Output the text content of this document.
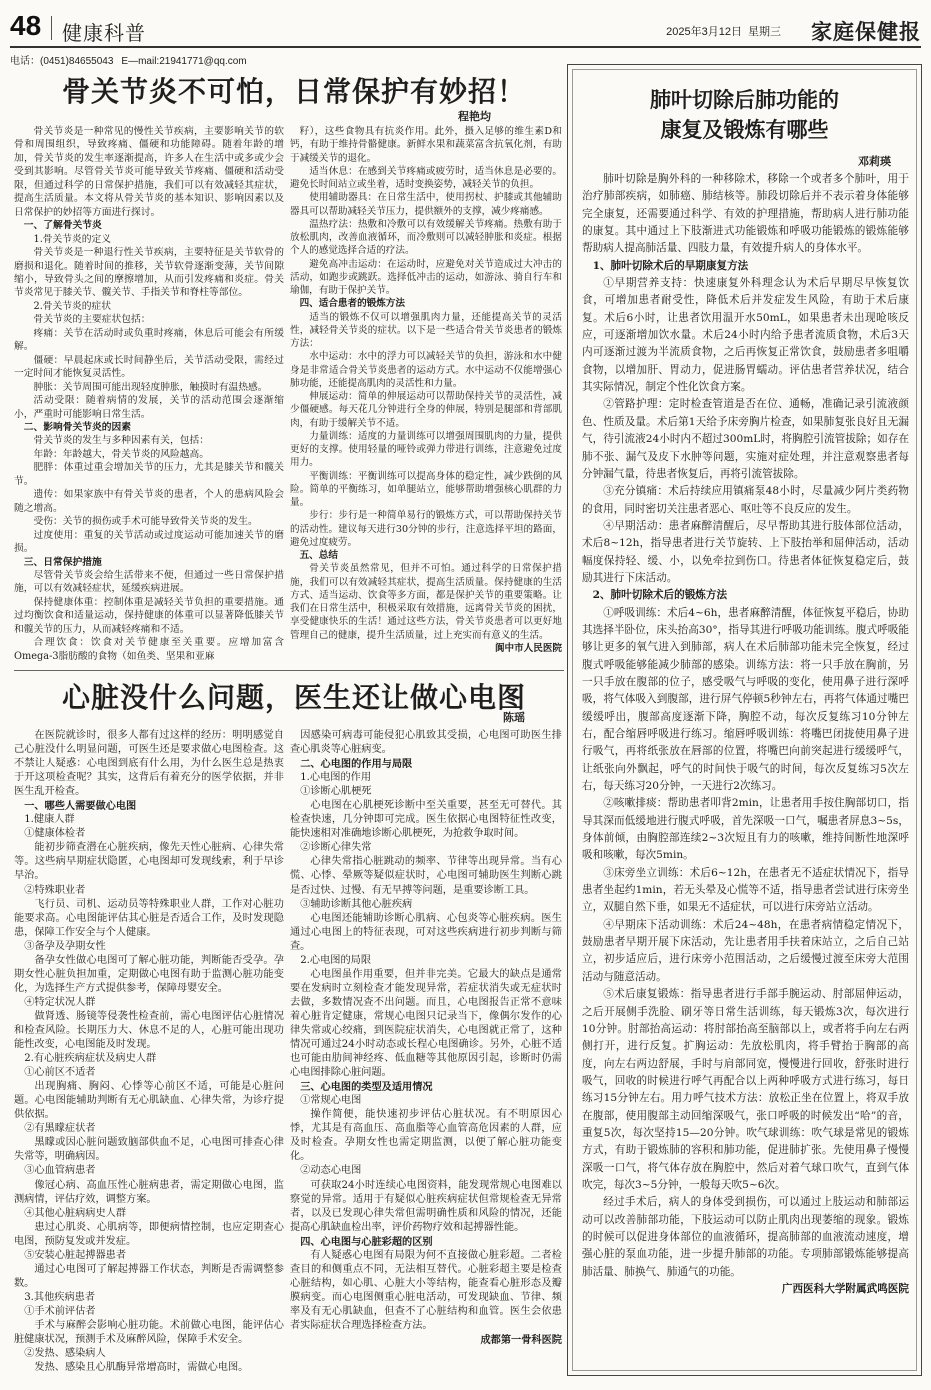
48 健康科普	2025年3月12日 星期三 家庭保健报
电话：(0451)84655043 E—mail:21941771@qq.com
骨关节炎不可怕，日常保护有妙招！
程艳均

骨关节炎是一种常见的慢性关节疾病，主要影响关节的软骨和周围组织，导致疼痛、僵硬和功能障碍。随着年龄的增加，骨关节炎的发生率逐渐提高，许多人在生活中或多或少会受到其影响。尽管骨关节炎可能导致关节疼痛、僵硬和活动受限，但通过科学的日常保护措施，我们可以有效减轻其症状，提高生活质量。本文将从骨关节炎的基本知识、影响因素以及日常保护的妙招等方面进行探讨。

一、了解骨关节炎

1.骨关节炎的定义

骨关节炎是一种退行性关节疾病，主要特征是关节软骨的磨损和退化。随着时间的推移，关节软骨逐渐变薄，关节间隙缩小，导致骨头之间的摩擦增加，从而引发疼痛和炎症。骨关节炎常见于膝关节、髋关节、手指关节和脊柱等部位。

2.骨关节炎的症状

骨关节炎的主要症状包括：

疼痛：关节在活动时或负重时疼痛，休息后可能会有所缓解。

僵硬：早晨起床或长时间静坐后，关节活动受限，需经过一定时间才能恢复灵活性。

肿胀：关节周围可能出现轻度肿胀，触摸时有温热感。

活动受限：随着病情的发展，关节的活动范围会逐渐缩小，严重时可能影响日常生活。

二、影响骨关节炎的因素

骨关节炎的发生与多种因素有关，包括：

年龄：年龄越大，骨关节炎的风险越高。

肥胖：体重过重会增加关节的压力，尤其是膝关节和髋关节。

遗传：如果家族中有骨关节炎的患者，个人的患病风险会随之增高。

受伤：关节的损伤或手术可能导致骨关节炎的发生。

过度使用：重复的关节活动或过度运动可能加速关节的磨损。

三、日常保护措施

尽管骨关节炎会给生活带来不便，但通过一些日常保护措施，可以有效减轻症状，延缓疾病进展。

保持健康体重：控制体重是减轻关节负担的重要措施。通过均衡饮食和适量运动，保持健康的体重可以显著降低膝关节和髋关节的压力，从而减轻疼痛和不适。

合理饮食：饮食对关节健康至关重要。应增加富含Omega-3脂肪酸的食物（如鱼类、坚果和亚麻

籽），这些食物具有抗炎作用。此外，摄入足够的维生素D和钙，有助于维持骨骼健康。新鲜水果和蔬菜富含抗氧化剂，有助于减缓关节的退化。

适当休息：在感到关节疼痛或疲劳时，适当休息是必要的。避免长时间站立或坐着，适时变换姿势，减轻关节的负担。

使用辅助器具：在日常生活中，使用拐杖、护膝或其他辅助器具可以帮助减轻关节压力，提供额外的支撑，减少疼痛感。

温热疗法：热敷和冷敷可以有效缓解关节疼痛。热敷有助于放松肌肉，改善血液循环，而冷敷则可以减轻肿胀和炎症。根据个人的感觉选择合适的疗法。

避免高冲击运动：在运动时，应避免对关节造成过大冲击的活动，如跑步或跳跃。选择低冲击的运动，如游泳、骑自行车和瑜伽，有助于保护关节。

四、适合患者的锻炼方法

适当的锻炼不仅可以增强肌肉力量，还能提高关节的灵活性，减轻骨关节炎的症状。以下是一些适合骨关节炎患者的锻炼方法：

水中运动：水中的浮力可以减轻关节的负担，游泳和水中健身是非常适合骨关节炎患者的运动方式。水中运动不仅能增强心肺功能，还能提高肌肉的灵活性和力量。

伸展运动：简单的伸展运动可以帮助保持关节的灵活性，减少僵硬感。每天花几分钟进行全身的伸展，特别是腿部和背部肌肉，有助于缓解关节不适。

力量训练：适度的力量训练可以增强周围肌肉的力量，提供更好的支撑。使用轻量的哑铃或弹力带进行训练，注意避免过度用力。

平衡训练：平衡训练可以提高身体的稳定性，减少跌倒的风险。简单的平衡练习，如单腿站立，能够帮助增强核心肌群的力量。

步行：步行是一种简单易行的锻炼方式，可以帮助保持关节的活动性。建议每天进行30分钟的步行，注意选择平坦的路面，避免过度疲劳。

五、总结

骨关节炎虽然常见，但并不可怕。通过科学的日常保护措施，我们可以有效减轻其症状，提高生活质量。保持健康的生活方式、适当运动、饮食等多方面，都是保护关节的重要策略。让我们在日常生活中，积极采取有效措施，远离骨关节炎的困扰，享受健康快乐的生活！通过这些方法，骨关节炎患者可以更好地管理自己的健康，提升生活质量，过上充实而有意义的生活。

阆中市人民医院

心脏没什么问题，医生还让做心电图
陈瑶

在医院就诊时，很多人都有过这样的经历：明明感觉自己心脏没什么明显问题，可医生还是要求做心电图检查。这不禁让人疑惑：心电图到底有什么用，为什么医生总是热衷于开这项检查呢？其实，这背后有着充分的医学依据，并非医生乱开检查。

一、哪些人需要做心电图

1.健康人群

①健康体检者

能初步筛查潜在心脏疾病，像先天性心脏病、心律失常等。这些病早期症状隐匿，心电图却可发现线索，利于早诊早治。

②特殊职业者

飞行员、司机、运动员等特殊职业人群，工作对心脏功能要求高。心电图能评估其心脏是否适合工作，及时发现隐患，保障工作安全与个人健康。

③备孕及孕期女性

备孕女性做心电图可了解心脏功能，判断能否受孕。孕期女性心脏负担加重，定期做心电图有助于监测心脏功能变化，为选择生产方式提供参考，保障母婴安全。

④特定状况人群

做肾透、肠镜等侵袭性检查前，需心电图评估心脏情况和检查风险。长期压力大、休息不足的人，心脏可能出现功能性改变，心电图能及时发现。

2.有心脏疾病症状及病史人群

①心前区不适者

出现胸痛、胸闷、心悸等心前区不适，可能是心脏问题。心电图能辅助判断有无心肌缺血、心律失常，为诊疗提供依据。

②有黑矇症状者

黑矇或因心脏问题致脑部供血不足，心电图可排查心律失常等，明确病因。

③心血管病患者

像冠心病、高血压性心脏病患者，需定期做心电图，监测病情，评估疗效，调整方案。

④其他心脏病病史人群

患过心肌炎、心肌病等，即便病情控制，也应定期查心电图，预防复发或并发症。

⑤安装心脏起搏器患者

通过心电图可了解起搏器工作状态，判断是否需调整参数。

3.其他疾病患者

①手术前评估者

手术与麻醉会影响心脏功能。术前做心电图，能评估心脏健康状况，预测手术及麻醉风险，保障手术安全。

②发热、感染病人

发热、感染且心肌酶异常增高时，需做心电图。

因感染可病毒可能侵犯心肌致其受损，心电图可助医生排查心肌炎等心脏病变。

二、心电图的作用与局限

1.心电图的作用

①诊断心肌梗死

心电图在心肌梗死诊断中至关重要，甚至无可替代。其检查快速，几分钟即可完成。医生依据心电图特征性改变，能快速相对准确地诊断心肌梗死，为抢救争取时间。

②诊断心律失常

心律失常指心脏跳动的频率、节律等出现异常。当有心慌、心悸、晕厥等疑似症状时，心电图可辅助医生判断心跳是否过快、过慢、有无早搏等问题，是重要诊断工具。

③辅助诊断其他心脏疾病

心电图还能辅助诊断心肌病、心包炎等心脏疾病。医生通过心电图上的特征表现，可对这些疾病进行初步判断与筛查。

2.心电图的局限

心电图虽作用重要，但并非完美。它最大的缺点是通常要在发病时立刻检查才能发现异常，若症状消失或无症状时去做，多数情况查不出问题。而且，心电图报告正常不意味着心脏肯定健康，常规心电图只记录当下，像偶尔发作的心律失常或心绞痛，到医院症状消失，心电图就正常了，这种情况可通过24小时动态或长程心电图确诊。另外，心脏不适也可能由肋间神经疼、低血糖等其他原因引起，诊断时仍需心电图排除心脏问题。

三、心电图的类型及适用情况

①常规心电图

操作简便，能快速初步评估心脏状况。有不明原因心悸，尤其是有高血压、高血脂等心血管高危因素的人群，应及时检查。孕期女性也需定期监测，以便了解心脏功能变化。

②动态心电图

可获取24小时连续心电图资料，能发现常规心电图难以察觉的异常。适用于有疑似心脏疾病症状但常规检查无异常者，以及已发现心律失常但需明确性质和风险的情况，还能提高心肌缺血检出率，评价药物疗效和起搏器性能。

四、心电图与心脏彩超的区别

有人疑惑心电图有局限为何不直接做心脏彩超。二者检查目的和侧重点不同，无法相互替代。心脏彩超主要是检查心脏结构，如心肌、心脏大小等结构，能查看心脏形态及瓣膜病变。而心电图侧重心脏电活动，可发现缺血、节律、频率及有无心肌缺血，但查不了心脏结构和血管。医生会依患者实际症状合理选择检查方法。

成都第一骨科医院

肺叶切除后肺功能的
康复及锻炼有哪些
邓莉瑛

肺叶切除是胸外科的一种移除术，移除一个或者多个肺叶，用于治疗肺部疾病，如肺癌、肺结核等。肺段切除后并不表示着身体能够完全康复，还需要通过科学、有效的护理措施，帮助病人进行肺功能的康复。其中通过上下肢渐进式功能锻炼和呼吸功能锻炼的锻炼能够帮助病人提高肺活量、四肢力量，有效提升病人的身体水平。

1、肺叶切除术后的早期康复方法

①早期营养支持：快速康复外科理念认为术后早期尽早恢复饮食，可增加患者耐受性，降低术后并发症发生风险，有助于术后康复。术后6小时，让患者饮用温开水50mL，如果患者未出现呛咳反应，可逐渐增加饮水量。术后24小时内给予患者流质食物，术后3天内可逐渐过渡为半流质食物，之后再恢复正常饮食，鼓励患者多咀嚼食物，以增加肝、胃动力，促进肠胃蠕动。评估患者营养状况，结合其实际情况，制定个性化饮食方案。

②管路护理：定时检查管道是否在位、通畅，准确记录引流液颜色、性质及量。术后第1天给予床旁胸片检查，如果肺复张良好且无漏气，待引流液24小时内不超过300mL时，将胸腔引流管拔除；如存在肺不张、漏气及皮下水肿等问题，实施对症处理，并注意观察患者每分钟漏气量，待患者恢复后，再将引流管拔除。

③充分镇痛：术后持续应用镇痛泵48小时，尽量减少阿片类药物的食用，同时密切关注患者恶心、呕吐等不良反应的发生。

④早期活动：患者麻醉清醒后，尽早帮助其进行肢体部位活动，术后8~12h，指导患者进行关节旋转、上下肢抬举和屈伸活动，活动幅度保持轻、缓、小，以免牵拉到伤口。待患者体征恢复稳定后，鼓励其进行下床活动。

2、肺叶切除术后的锻炼方法

①呼吸训练：术后4~6h，患者麻醉清醒，体征恢复平稳后，协助其选择半卧位，床头抬高30°，指导其进行呼吸功能训练。腹式呼吸能够让更多的氧气进入到肺部，病人在术后肺部功能未完全恢复，经过腹式呼吸能够能减少肺部的感染。训练方法：将一只手放在胸前，另一只手放在腹部的位子，感受吸气与呼吸的变化，使用鼻子进行深呼吸，将气体吸入到腹部，进行屏气停顿5秒钟左右，再将气体通过嘴巴缓缓呼出，腹部高度逐渐下降，胸腔不动，每次反复练习10分钟左右，配合缩唇呼吸进行练习。缩唇呼吸训练：将嘴巴闭拢使用鼻子进行吸气，再将纸张放在唇部的位置，将嘴巴向前突起进行缓缓呼气，让纸张向外飘起，呼气的时间快于吸气的时间，每次反复练习5次左右，每天练习20分钟，一天进行2次练习。

②咳嗽排痰：帮助患者叩背2min，让患者用手按住胸部切口，指导其深而低缓地进行腹式呼吸，首先深吸一口气，嘱患者屏息3~5s，身体前倾，由胸腔部连续2~3次短且有力的咳嗽，维持间断性地深呼吸和咳嗽，每次5min。

③床旁坐立训练：术后6~12h，在患者无不适症状情况下，指导患者坐起约1min，若无头晕及心慌等不适，指导患者尝试进行床旁坐立，双腿自然下垂，如果无不适症状，可以进行床旁站立活动。

④早期床下活动训练：术后24~48h，在患者病情稳定情况下，鼓励患者早期开展下床活动，先让患者用手扶着床站立，之后自己站立，初步适应后，进行床旁小范围活动，之后缓慢过渡至床旁大范围活动与随意活动。

⑤术后康复锻炼：指导患者进行手部手腕运动、肘部屈伸运动，之后开展侧手洗脸、刷牙等日常生活训练，每天锻炼3次，每次进行10分钟。肘部抬高运动：将肘部抬高至脑部以上，或者将手向左右两侧打开，进行反复。扩胸运动：先放松肌肉，将手臂抬于胸部的高度，向左右两边舒展，手时与肩部同宽，慢慢进行回收，舒张时进行吸气，回收的时候进行呼气再配合以上两种呼吸方式进行练习，每日练习15分钟左右。用力呼气技术方法：放松正坐在位置上，将双手放在腹部，使用腹部主动回缩深吸气，张口呼吸的时候发出“哈”的音，重复5次，每次坚持15—20分钟。吹气球训练：吹气球是常见的锻炼方式，有助于锻炼肺的容积和肺功能，促进肺扩张。先使用鼻子慢慢深吸一口气，将气体存放在胸腔中，然后对着气球口吹气，直到气体吹完，每次3~5分钟，一般每天吹5~6次。

经过手术后，病人的身体受到损伤，可以通过上肢运动和肺部运动可以改善肺部功能，下肢运动可以防止肌肉出现萎缩的现象。锻炼的时候可以促进身体部位的血液循环，提高肺部的血液流动速度，增强心脏的泵血功能，进一步提升肺部的功能。专项肺部锻炼能够提高肺活量、肺换气、肺通气的功能。

广西医科大学附属武鸣医院
